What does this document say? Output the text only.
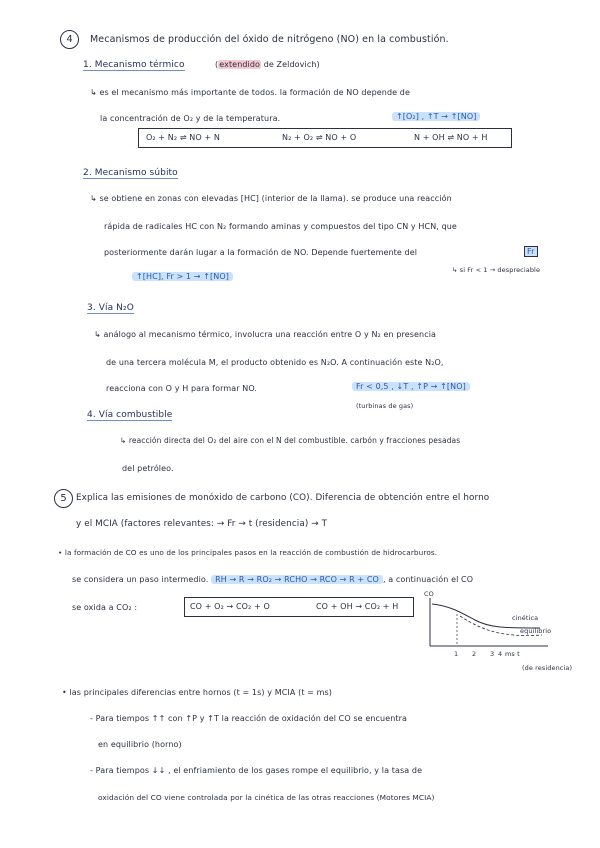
4	Mecanismos de producción del óxido de nitrógeno (NO) en la combustión.
1. Mecanismo térmico	(extendido de Zeldovich)
↳ es el mecanismo más importante de todos. la formación de NO depende de
la concentración de O₂ y de la temperatura.	↑[O₂] , ↑T → ↑[NO]
O₂ + N₂ ⇌ NO + N	N₂ + O₂ ⇌ NO + O	N + OH ⇌ NO + H
2. Mecanismo súbito
↳ se obtiene en zonas con elevadas [HC] (interior de la llama). se produce una reacción
rápida de radicales HC con N₂ formando aminas y compuestos del tipo CN y HCN, que
posteriormente darán lugar a la formación de NO. Depende fuertemente del	Fr
↑[HC], Fr > 1 → ↑[NO]
↳ si Fr < 1 → despreciable
3. Vía N₂O
↳ análogo al mecanismo térmico, involucra una reacción entre O y N₂ en presencia
de una tercera molécula M, el producto obtenido es N₂O. A continuación este N₂O,
reacciona con O y H para formar NO.	Fr < 0,5 , ↓T , ↑P → ↑[NO]
(turbinas de gas)
4. Vía combustible
↳ reacción directa del O₂ del aire con el N del combustible. carbón y fracciones pesadas
del petróleo.
5	Explica las emisiones de monóxido de carbono (CO). Diferencia de obtención entre el horno
y el MCIA (factores relevantes: → Fr → t (residencia) → T
• la formación de CO es uno de los principales pasos en la reacción de combustión de hidrocarburos.
se considera un paso intermedio. RH → R → RO₂ → RCHO → RCO → R + CO , a continuación el CO
se oxida a CO₂ :	CO + O₂ → CO₂ + O	CO + OH → CO₂ + H
CO
ms t
1 2 3 4
cinética
equilibrio
(de residencia)
• las principales diferencias entre hornos (t = 1s) y MCIA (t = ms)
- Para tiempos ↑↑ con ↑P y ↑T la reacción de oxidación del CO se encuentra
en equilibrio (horno)
- Para tiempos ↓↓ , el enfriamiento de los gases rompe el equilibrio, y la tasa de
oxidación del CO viene controlada por la cinética de las otras reacciones (Motores MCIA)
